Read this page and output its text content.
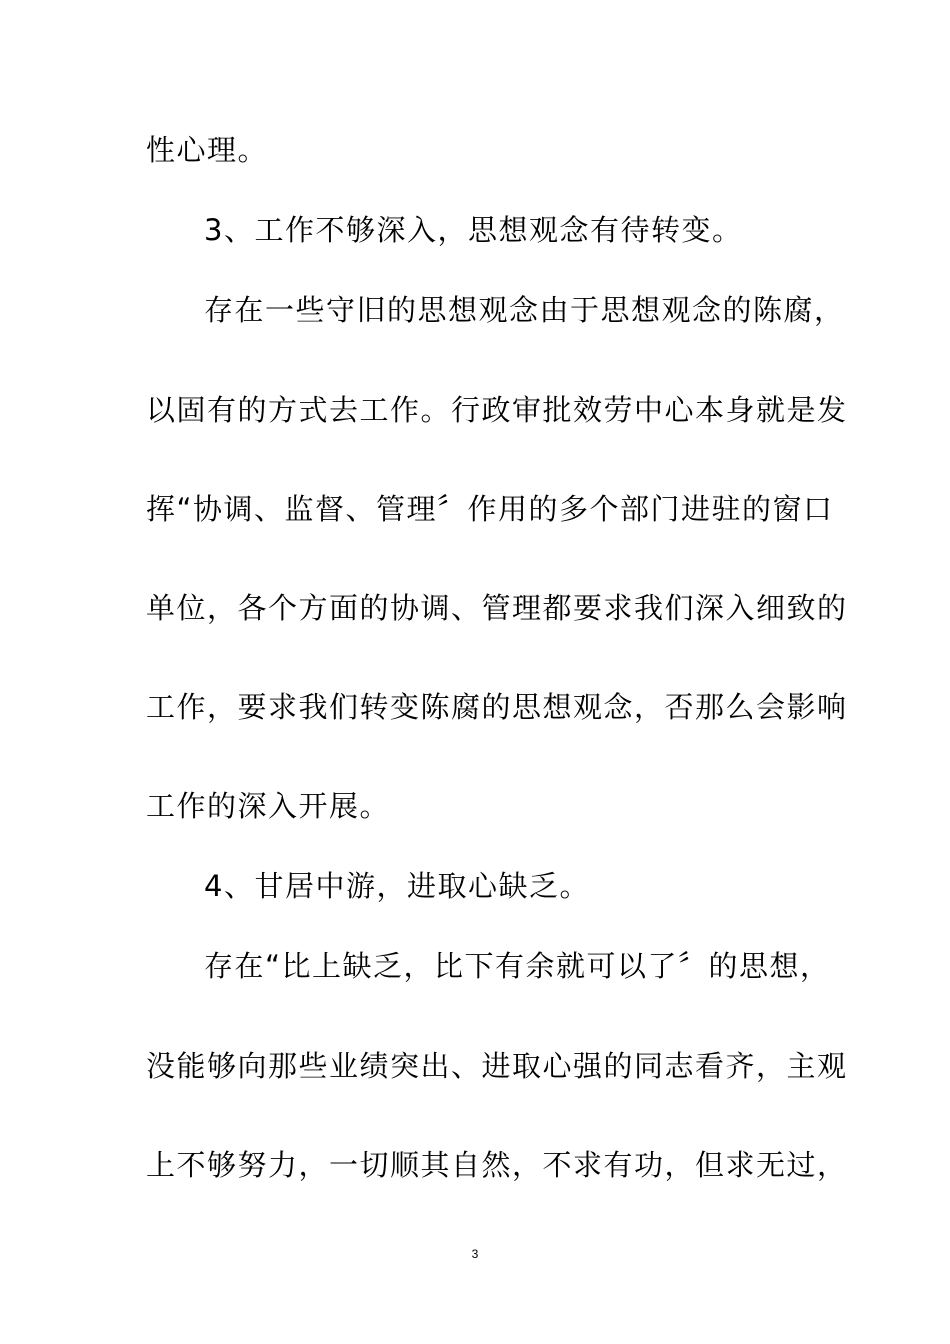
性心理。
3、工作不够深入，思想观念有待转变。
存在一些守旧的思想观念由于思想观念的陈腐，
以固有的方式去工作。行政审批效劳中心本身就是发
挥“协调、监督、管理〞作用的多个部门进驻的窗口
单位，各个方面的协调、管理都要求我们深入细致的
工作，要求我们转变陈腐的思想观念，否那么会影响
工作的深入开展。
4、甘居中游，进取心缺乏。
存在“比上缺乏，比下有余就可以了〞的思想，
没能够向那些业绩突出、进取心强的同志看齐，主观
上不够努力，一切顺其自然，不求有功，但求无过，
3
